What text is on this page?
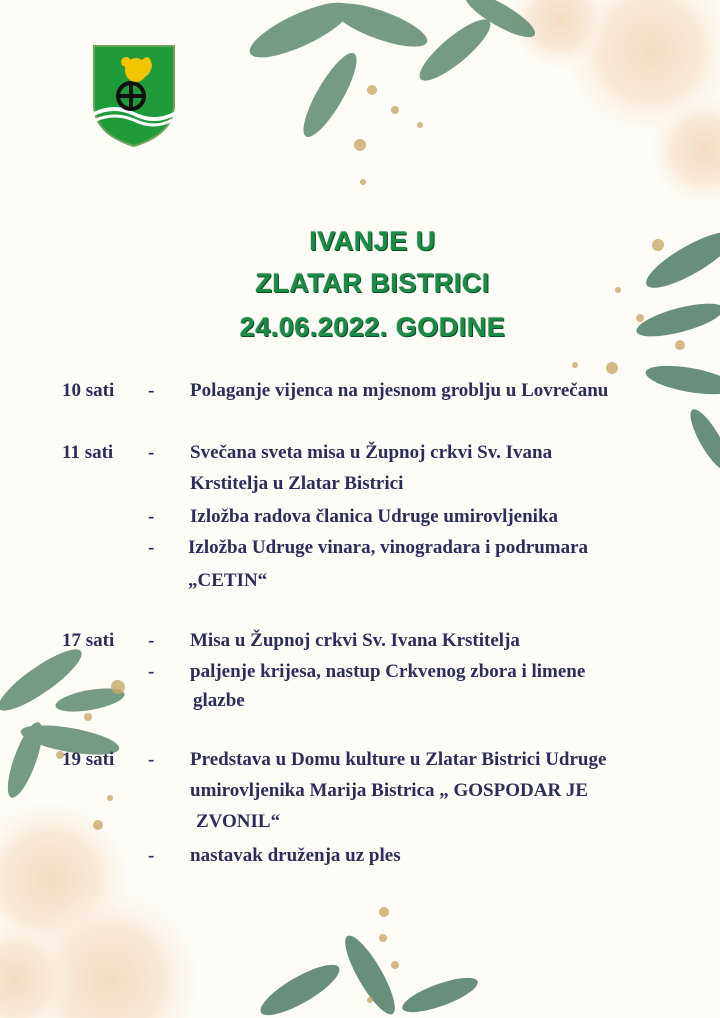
IVANJE U
ZLATAR BISTRICI
24.06.2022. GODINE
10 sati - Polaganje vijenca na mjesnom groblju u Lovrečanu
11 sati - Svečana sveta misa u Župnoj crkvi Sv. Ivana
Krstitelja u Zlatar Bistrici
- Izložba radova članica Udruge umirovljenika
- Izložba Udruge vinara, vinogradara i podrumara
„CETIN“
17 sati - Misa u Župnoj crkvi Sv. Ivana Krstitelja
- paljenje krijesa, nastup Crkvenog zbora i limene
glazbe
19 sati - Predstava u Domu kulture u Zlatar Bistrici Udruge
umirovljenika Marija Bistrica „ GOSPODAR JE
ZVONIL“
- nastavak druženja uz ples
